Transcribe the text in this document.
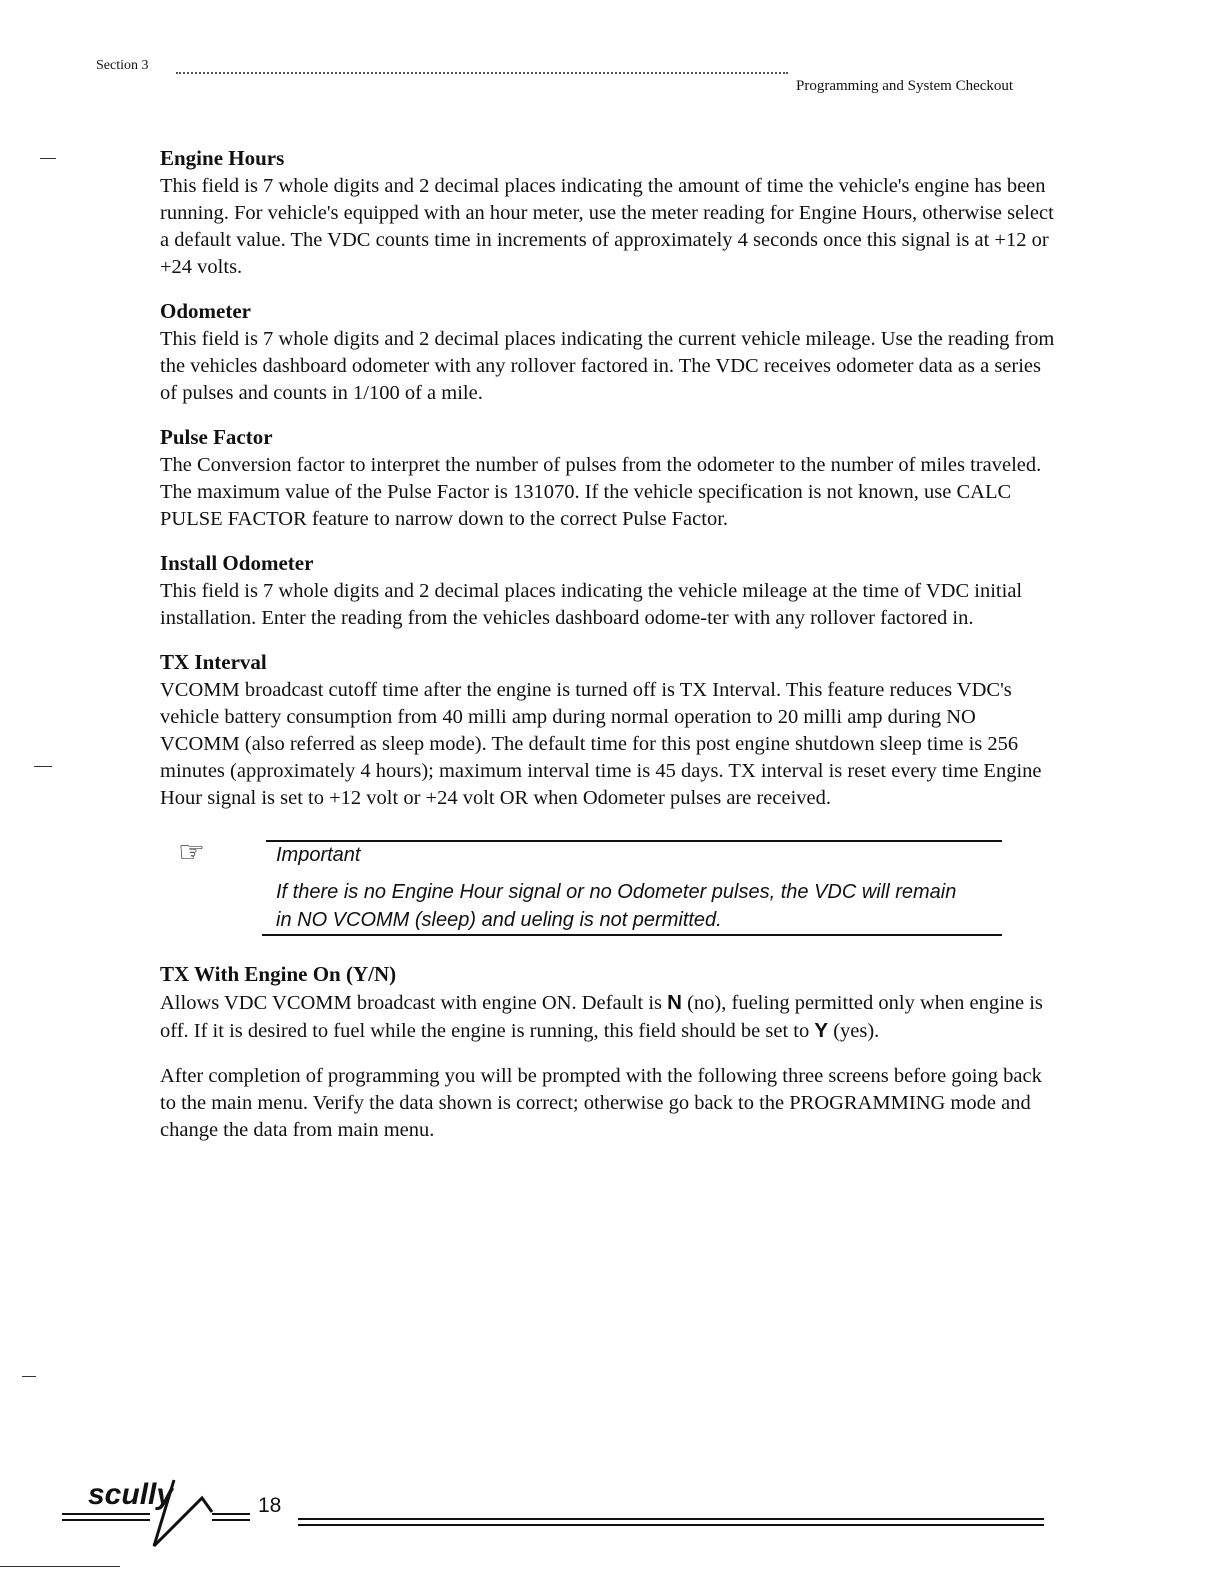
Section 3
Programming and System Checkout
Engine Hours

This field is 7 whole digits and 2 decimal places indicating the amount of time the vehicle's engine has been running. For vehicle's equipped with an hour meter, use the meter reading for Engine Hours, otherwise select a default value. The VDC counts time in increments of approximately 4 seconds once this signal is at +12 or +24 volts.

Odometer

This field is 7 whole digits and 2 decimal places indicating the current vehicle mileage. Use the reading from the vehicles dashboard odometer with any rollover factored in. The VDC receives odometer data as a series of pulses and counts in 1/100 of a mile.

Pulse Factor

The Conversion factor to interpret the number of pulses from the odometer to the number of miles traveled. The maximum value of the Pulse Factor is 131070. If the vehicle specification is not known, use CALC PULSE FACTOR feature to narrow down to the correct Pulse Factor.

Install Odometer

This field is 7 whole digits and 2 decimal places indicating the vehicle mileage at the time of VDC initial installation. Enter the reading from the vehicles dashboard odome-ter with any rollover factored in.

TX Interval

VCOMM broadcast cutoff time after the engine is turned off is TX Interval. This feature reduces VDC's vehicle battery consumption from 40 milli amp during normal operation to 20 milli amp during NO VCOMM (also referred as sleep mode). The default time for this post engine shutdown sleep time is 256 minutes (approximately 4 hours); maximum interval time is 45 days. TX interval is reset every time Engine Hour signal is set to +12 volt or +24 volt OR when Odometer pulses are received.

☞	Important
If there is no Engine Hour signal or no Odometer pulses, the VDC will remain in NO VCOMM (sleep) and ueling is not permitted.
TX With Engine On (Y/N)

Allows VDC VCOMM broadcast with engine ON. Default is N (no), fueling permitted only when engine is off. If it is desired to fuel while the engine is running, this field should be set to Y (yes).

After completion of programming you will be prompted with the following three screens before going back to the main menu. Verify the data shown is correct; otherwise go back to the PROGRAMMING mode and change the data from main menu.

scully	18
